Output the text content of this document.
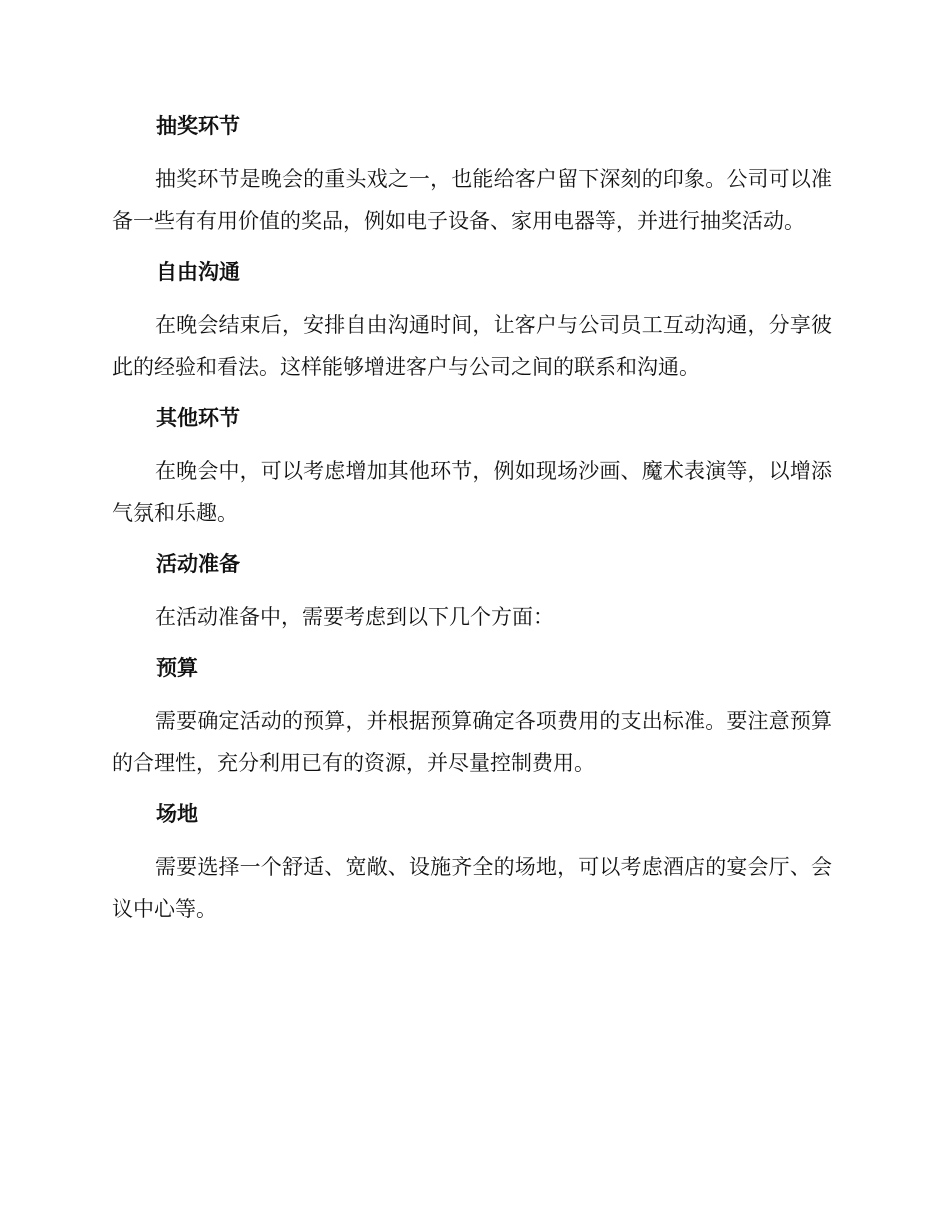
抽奖环节

抽奖环节是晚会的重头戏之一，也能给客户留下深刻的印象。公司可以准备一些有有用价值的奖品，例如电子设备、家用电器等，并进行抽奖活动。

自由沟通

在晚会结束后，安排自由沟通时间，让客户与公司员工互动沟通，分享彼此的经验和看法。这样能够增进客户与公司之间的联系和沟通。

其他环节

在晚会中，可以考虑增加其他环节，例如现场沙画、魔术表演等，以增添气氛和乐趣。

活动准备

在活动准备中，需要考虑到以下几个方面：

预算

需要确定活动的预算，并根据预算确定各项费用的支出标准。要注意预算的合理性，充分利用已有的资源，并尽量控制费用。

场地

需要选择一个舒适、宽敞、设施齐全的场地，可以考虑酒店的宴会厅、会议中心等。
